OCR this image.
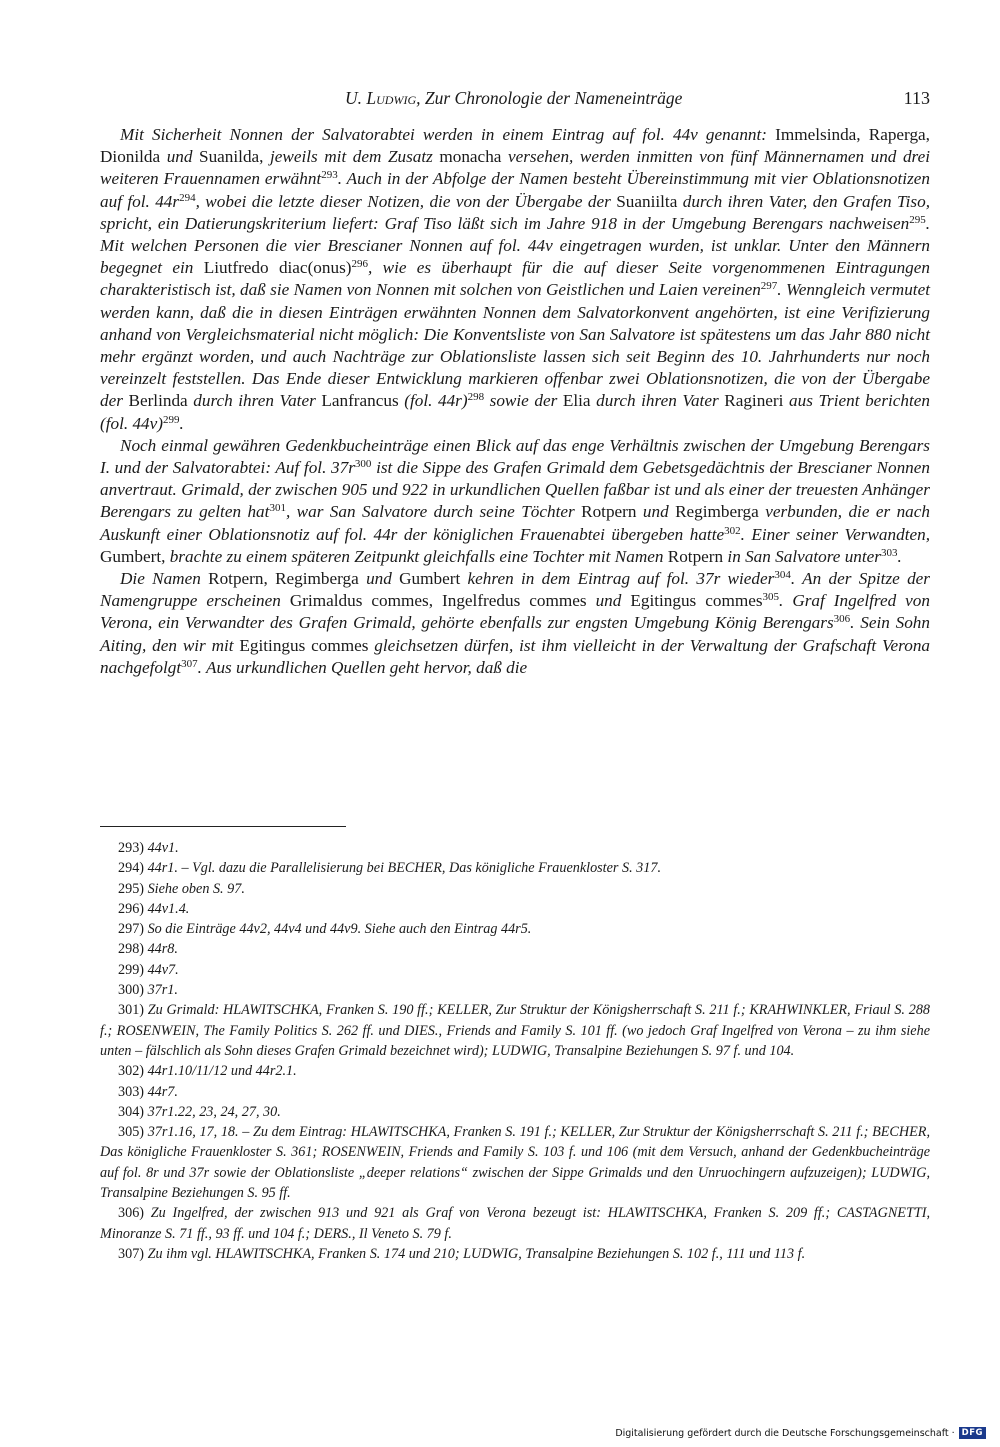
U. Ludwig, Zur Chronologie der Nameneinträge	113

Mit Sicherheit Nonnen der Salvatorabtei werden in einem Eintrag auf fol. 44v genannt: Immelsinda, Raperga, Dionilda und Suanilda, jeweils mit dem Zusatz monacha versehen, werden inmitten von fünf Männernamen und drei weiteren Frauennamen erwähnt$^{293}$. Auch in der Abfolge der Namen besteht Übereinstimmung mit vier Oblationsnotizen auf fol. $44r^{294}$, wobei die letzte dieser Notizen, die von der Übergabe der Suaniilta durch ihren Vater, den Grafen Tiso, spricht, ein Datierungskriterium liefert: Graf Tiso läßt sich im Jahre 918 in der Umgebung Berengars nachweisen$^{295}$. Mit welchen Personen die vier Brescianer Nonnen auf fol. 44v eingetragen wurden, ist unklar. Unter den Männern begegnet ein Liutfredo diac(onus)$^{296}$, wie es überhaupt für die auf dieser Seite vorgenommenen Eintragungen charakteristisch ist, daß sie Namen von Nonnen mit solchen von Geistlichen und Laien vereinen$^{297}$. Wenngleich vermutet werden kann, daß die in diesen Einträgen erwähnten Nonnen dem Salvatorkonvent angehörten, ist eine Verifizierung anhand von Vergleichsmaterial nicht möglich: Die Konventsliste von San Salvatore ist spätestens um das Jahr 880 nicht mehr ergänzt worden, und auch Nachträge zur Oblationsliste lassen sich seit Beginn des 10. Jahrhunderts nur noch vereinzelt feststellen. Das Ende dieser Entwicklung markieren offenbar zwei Oblationsnotizen, die von der Übergabe der Berlinda durch ihren Vater Lanfrancus (fol. 44r)$^{298}$ sowie der Elia durch ihren Vater Ragineri aus Trient berichten (fol. 44v)$^{299}$.

Noch einmal gewähren Gedenkbucheinträge einen Blick auf das enge Verhältnis zwischen der Umgebung Berengars I. und der Salvatorabtei: Auf fol. $37r^{300}$ ist die Sippe des Grafen Grimald dem Gebetsgedächtnis der Brescianer Nonnen anvertraut. Grimald, der zwischen 905 und 922 in urkundlichen Quellen faßbar ist und als einer der treuesten Anhänger Berengars zu gelten hat$^{301}$, war San Salvatore durch seine Töchter Rotpern und Regimberga verbunden, die er nach Auskunft einer Oblationsnotiz auf fol. 44r der königlichen Frauenabtei übergeben hatte$^{302}$. Einer seiner Verwandten, Gumbert, brachte zu einem späteren Zeitpunkt gleichfalls eine Tochter mit Namen Rotpern in San Salvatore unter$^{303}$.

Die Namen Rotpern, Regimberga und Gumbert kehren in dem Eintrag auf fol. 37r wieder$^{304}$. An der Spitze der Namengruppe erscheinen Grimaldus commes, Ingelfredus commes und Egitingus commes$^{305}$. Graf Ingelfred von Verona, ein Verwandter des Grafen Grimald, gehörte ebenfalls zur engsten Umgebung König Berengars$^{306}$. Sein Sohn Aiting, den wir mit Egitingus commes gleichsetzen dürfen, ist ihm vielleicht in der Verwaltung der Grafschaft Verona nachgefolgt$^{307}$. Aus urkundlichen Quellen geht hervor, daß die

293) 44v1.
294) 44r1. – Vgl. dazu die Parallelisierung bei BECHER, Das königliche Frauenkloster S. 317.
295) Siehe oben S. 97.
296) 44v1.4.
297) So die Einträge 44v2, 44v4 und 44v9. Siehe auch den Eintrag 44r5.
298) 44r8.
299) 44v7.
300) 37r1.
301) Zu Grimald: HLAWITSCHKA, Franken S. 190 ff.; KELLER, Zur Struktur der Königsherrschaft S. 211 f.; KRAHWINKLER, Friaul S. 288 f.; ROSENWEIN, The Family Politics S. 262 ff. und DIES., Friends and Family S. 101 ff. (wo jedoch Graf Ingelfred von Verona – zu ihm siehe unten – fälschlich als Sohn dieses Grafen Grimald bezeichnet wird); LUDWIG, Transalpine Beziehungen S. 97 f. und 104.
302) 44r1.10/11/12 und 44r2.1.
303) 44r7.
304) 37r1.22, 23, 24, 27, 30.
305) 37r1.16, 17, 18. – Zu dem Eintrag: HLAWITSCHKA, Franken S. 191 f.; KELLER, Zur Struktur der Königsherrschaft S. 211 f.; BECHER, Das königliche Frauenkloster S. 361; ROSENWEIN, Friends and Family S. 103 f. und 106 (mit dem Versuch, anhand der Gedenkbucheinträge auf fol. 8r und 37r sowie der Oblationsliste „deeper relations“ zwischen der Sippe Grimalds und den Unruochingern aufzuzeigen); LUDWIG, Transalpine Beziehungen S. 95 ff.
306) Zu Ingelfred, der zwischen 913 und 921 als Graf von Verona bezeugt ist: HLAWITSCHKA, Franken S. 209 ff.; CASTAGNETTI, Minoranze S. 71 ff., 93 ff. und 104 f.; DERS., Il Veneto S. 79 f.
307) Zu ihm vgl. HLAWITSCHKA, Franken S. 174 und 210; LUDWIG, Transalpine Beziehungen S. 102 f., 111 und 113 f.
Digitalisierung gefördert durch die Deutsche Forschungsgemeinschaft · DFG
